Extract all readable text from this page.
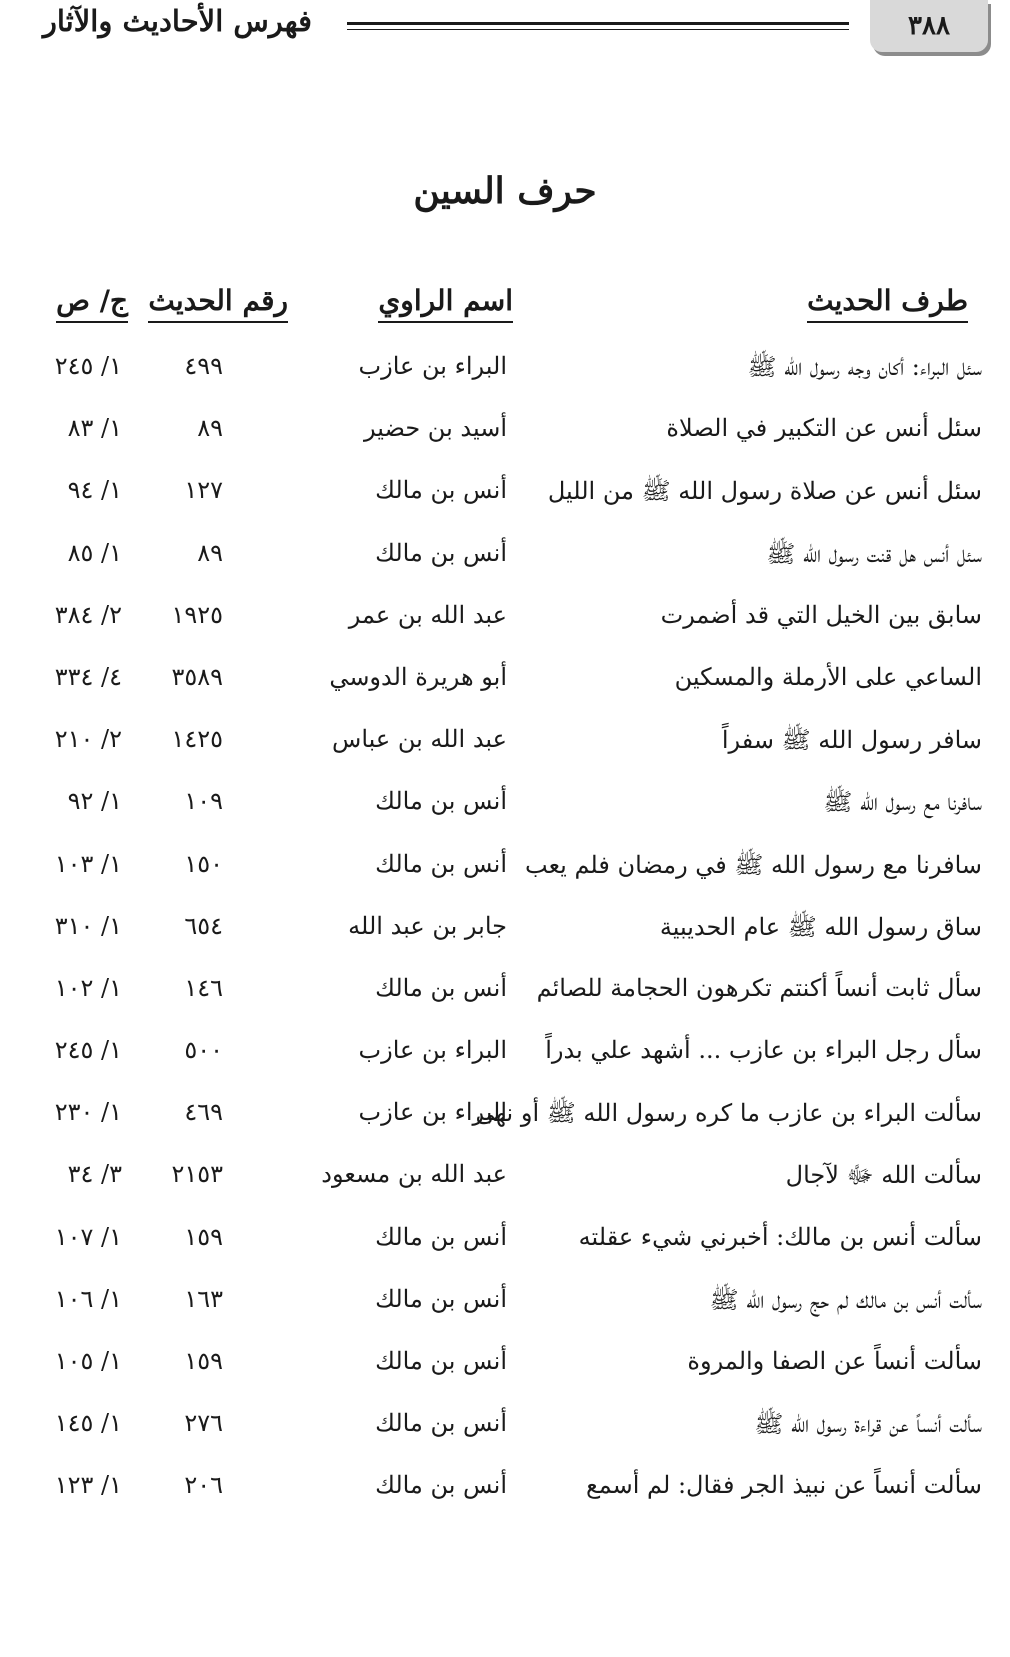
٣٨٨
فهرس الأحاديث والآثار
حرف السين
طرف الحديث
اسم الراوي
رقم الحديث
ج/ ص
سئل البراء: أكان وجه رسول الله ﷺ
البراء بن عازب
٤٩٩
١/ ٢٤٥
سئل أنس عن التكبير في الصلاة
أسيد بن حضير
٨٩
١/ ٨٣
سئل أنس عن صلاة رسول الله ﷺ من الليل
أنس بن مالك
١٢٧
١/ ٩٤
سئل أنس هل قنت رسول الله ﷺ
أنس بن مالك
٨٩
١/ ٨٥
سابق بين الخيل التي قد أضمرت
عبد الله بن عمر
١٩٢٥
٢/ ٣٨٤
الساعي على الأرملة والمسكين
أبو هريرة الدوسي
٣٥٨٩
٤/ ٣٣٤
سافر رسول الله ﷺ سفراً
عبد الله بن عباس
١٤٢٥
٢/ ٢١٠
سافرنا مع رسول الله ﷺ
أنس بن مالك
١٠٩
١/ ٩٢
سافرنا مع رسول الله ﷺ في رمضان فلم يعب
أنس بن مالك
١٥٠
١/ ١٠٣
ساق رسول الله ﷺ عام الحديبية
جابر بن عبد الله
٦٥٤
١/ ٣١٠
سأل ثابت أنساً أكنتم تكرهون الحجامة للصائم
أنس بن مالك
١٤٦
١/ ١٠٢
سأل رجل البراء بن عازب ... أشهد علي بدراً
البراء بن عازب
٥٠٠
١/ ٢٤٥
سألت البراء بن عازب ما كره رسول الله ﷺ أو نهى
البراء بن عازب
٤٦٩
١/ ٢٣٠
سألت الله ﷻ لآجال
عبد الله بن مسعود
٢١٥٣
٣/ ٣٤
سألت أنس بن مالك: أخبرني شيء عقلته
أنس بن مالك
١٥٩
١/ ١٠٧
سألت أنس بن مالك لم حج رسول الله ﷺ
أنس بن مالك
١٦٣
١/ ١٠٦
سألت أنساً عن الصفا والمروة
أنس بن مالك
١٥٩
١/ ١٠٥
سألت أنساً عن قراءة رسول الله ﷺ
أنس بن مالك
٢٧٦
١/ ١٤٥
سألت أنساً عن نبيذ الجر فقال: لم أسمع
أنس بن مالك
٢٠٦
١/ ١٢٣
